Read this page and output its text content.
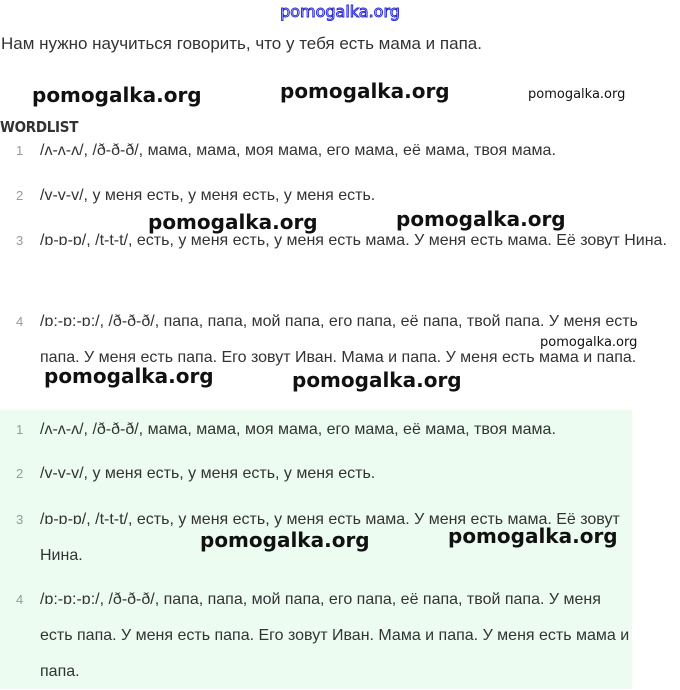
pomogalka.org
Нам нужно научиться говорить, что у тебя есть мама и папа.
WORDLIST
1	/ʌ-ʌ-ʌ/, /ð-ð-ð/, мама, мама, моя мама, его мама, её мама, твоя мама.
2	/v-v-v/, у меня есть, у меня есть, у меня есть.
3	/ɒ-ɒ-ɒ/, /t-t-t/, есть, у меня есть, у меня есть мама. У меня есть мама. Её зовут Нина.
4	/ɒ:-ɒ:-ɒ:/, /ð-ð-ð/, папа, папа, мой папа, его папа, её папа, твой папа. У меня есть папа. У меня есть папа. Его зовут Иван. Мама и папа. У меня есть мама и папа.
1	/ʌ-ʌ-ʌ/, /ð-ð-ð/, мама, мама, моя мама, его мама, её мама, твоя мама.
2	/v-v-v/, у меня есть, у меня есть, у меня есть.
3	/ɒ-ɒ-ɒ/, /t-t-t/, есть, у меня есть, у меня есть мама. У меня есть мама. Её зовут Нина.
4	/ɒ:-ɒ:-ɒ:/, /ð-ð-ð/, папа, папа, мой папа, его папа, её папа, твой папа. У меня есть папа. У меня есть папа. Его зовут Иван. Мама и папа. У меня есть мама и папа.
pomogalka.org	pomogalka.org	pomogalka.org
pomogalka.org	pomogalka.org
pomogalka.org
pomogalka.org	pomogalka.org
pomogalka.org	pomogalka.org
